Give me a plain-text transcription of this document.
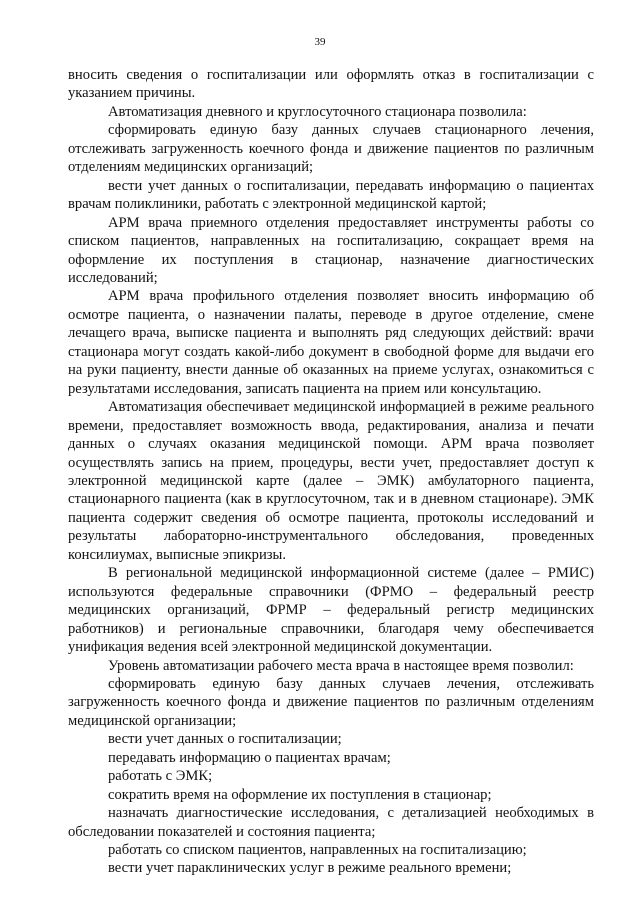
39

вносить сведения о госпитализации или оформлять отказ в госпитализации с указанием причины.

Автоматизация дневного и круглосуточного стационара позволила:

сформировать единую базу данных случаев стационарного лечения, отслеживать загруженность коечного фонда и движение пациентов по различным отделениям медицинских организаций;

вести учет данных о госпитализации, передавать информацию о пациентах врачам поликлиники, работать с электронной медицинской картой;

АРМ врача приемного отделения предоставляет инструменты работы со списком пациентов, направленных на госпитализацию, сокращает время на оформление их поступления в стационар, назначение диагностических исследований;

АРМ врача профильного отделения позволяет вносить информацию об осмотре пациента, о назначении палаты, переводе в другое отделение, смене лечащего врача, выписке пациента и выполнять ряд следующих действий: врачи стационара могут создать какой-либо документ в свободной форме для выдачи его на руки пациенту, внести данные об оказанных на приеме услугах, ознакомиться с результатами исследования, записать пациента на прием или консультацию.

Автоматизация обеспечивает медицинской информацией в режиме реального времени, предоставляет возможность ввода, редактирования, анализа и печати данных о случаях оказания медицинской помощи. АРМ врача позволяет осуществлять запись на прием, процедуры, вести учет, предоставляет доступ к электронной медицинской карте (далее – ЭМК) амбулаторного пациента, стационарного пациента (как в круглосуточном, так и в дневном стационаре). ЭМК пациента содержит сведения об осмотре пациента, протоколы исследований и результаты лабораторно-инструментального обследования, проведенных консилиумах, выписные эпикризы.

В региональной медицинской информационной системе (далее – РМИС) используются федеральные справочники (ФРМО – федеральный реестр медицинских организаций, ФРМР – федеральный регистр медицинских работников) и региональные справочники, благодаря чему обеспечивается унификация ведения всей электронной медицинской документации.

Уровень автоматизации рабочего места врача в настоящее время позволил:

сформировать единую базу данных случаев лечения, отслеживать загруженность коечного фонда и движение пациентов по различным отделениям медицинской организации;

вести учет данных о госпитализации;

передавать информацию о пациентах врачам;

работать с ЭМК;

сократить время на оформление их поступления в стационар;

назначать диагностические исследования, с детализацией необходимых в обследовании показателей и состояния пациента;

работать со списком пациентов, направленных на госпитализацию;

вести учет параклинических услуг в режиме реального времени;
